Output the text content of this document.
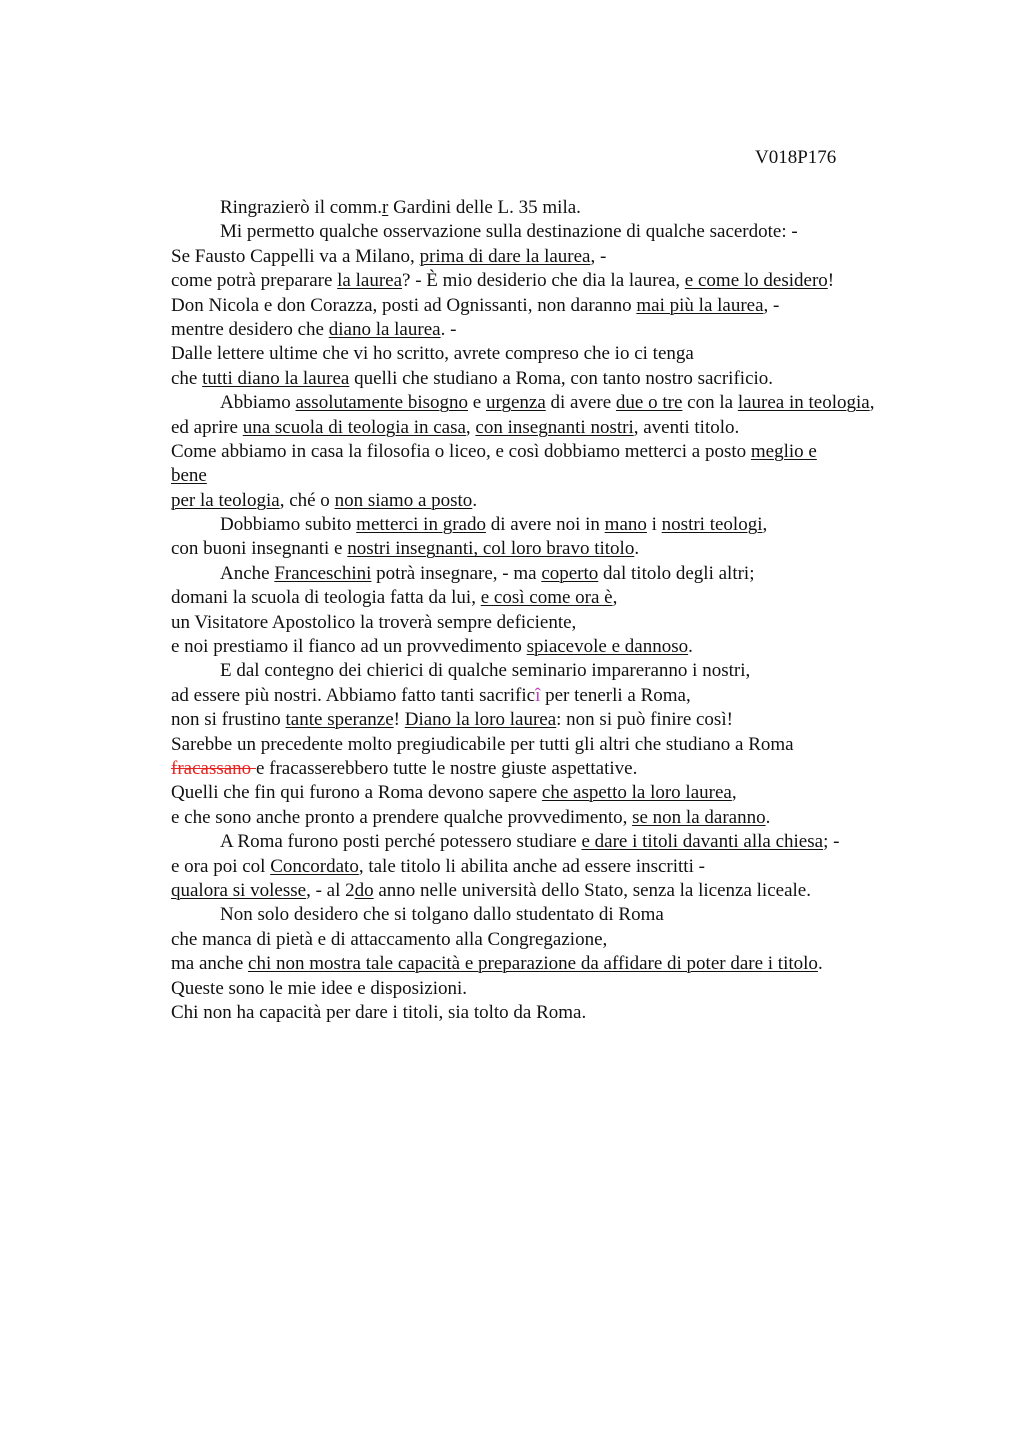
V018P176
Ringrazierò il comm.r Gardini delle L. 35 mila.
Mi permetto qualche osservazione sulla destinazione di qualche sacerdote: -
Se Fausto Cappelli va a Milano, prima di dare la laurea, -
come potrà preparare la laurea? - È mio desiderio che dia la laurea, e come lo desidero!
Don Nicola e don Corazza, posti ad Ognissanti, non daranno mai più la laurea, -
mentre desidero che diano la laurea. -
Dalle lettere ultime che vi ho scritto, avrete compreso che io ci tenga
che tutti diano la laurea quelli che studiano a Roma, con tanto nostro sacrificio.
Abbiamo assolutamente bisogno e urgenza di avere due o tre con la laurea in teologia,
ed aprire una scuola di teologia in casa, con insegnanti nostri, aventi titolo.
Come abbiamo in casa la filosofia o liceo, e così dobbiamo metterci a posto meglio e
bene
per la teologia, ché o non siamo a posto.
Dobbiamo subito metterci in grado di avere noi in mano i nostri teologi,
con buoni insegnanti e nostri insegnanti, col loro bravo titolo.
Anche Franceschini potrà insegnare, - ma coperto dal titolo degli altri;
domani la scuola di teologia fatta da lui, e così come ora è,
un Visitatore Apostolico la troverà sempre deficiente,
e noi prestiamo il fianco ad un provvedimento spiacevole e dannoso.
E dal contegno dei chierici di qualche seminario impareranno i nostri,
ad essere più nostri. Abbiamo fatto tanti sacrificî per tenerli a Roma,
non si frustino tante speranze! Diano la loro laurea: non si può finire così!
Sarebbe un precedente molto pregiudicabile per tutti gli altri che studiano a Roma
fracassano e fracasserebbero tutte le nostre giuste aspettative.
Quelli che fin qui furono a Roma devono sapere che aspetto la loro laurea,
e che sono anche pronto a prendere qualche provvedimento, se non la daranno.
A Roma furono posti perché potessero studiare e dare i titoli davanti alla chiesa; -
e ora poi col Concordato, tale titolo li abilita anche ad essere inscritti -
qualora si volesse, - al 2do anno nelle università dello Stato, senza la licenza liceale.
Non solo desidero che si tolgano dallo studentato di Roma
che manca di pietà e di attaccamento alla Congregazione,
ma anche chi non mostra tale capacità e preparazione da affidare di poter dare i titolo.
Queste sono le mie idee e disposizioni.
Chi non ha capacità per dare i titoli, sia tolto da Roma.
